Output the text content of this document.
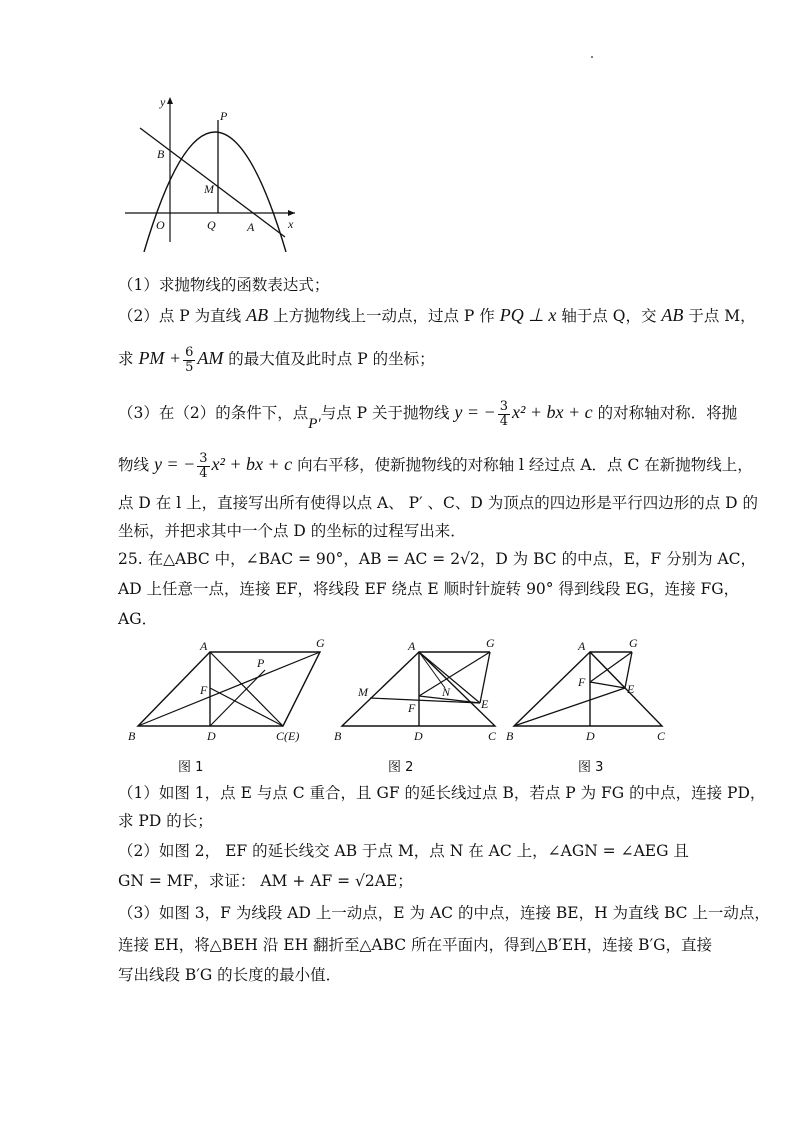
y
x
O	Q	A
B
M
P
（1）求抛物线的函数表达式；
（2）点 P 为直线 AB 上方抛物线上一动点，过点 P 作 PQ ⊥ x 轴于点 Q，交 AB 于点 M，
求 PM + $\frac{6}{5}$ AM 的最大值及此时点 P 的坐标；
（3）在（2）的条件下，点P′与点 P 关于抛物线 y = − $\frac{3}{4} x^2$ + bx + c 的对称轴对称．将抛
物线 y = − $\frac{3}{4} x^2$ + bx + c 向右平移，使新抛物线的对称轴 l 经过点 A．点 C 在新抛物线上，
点 D 在 l 上，直接写出所有使得以点 A、 P′ 、C、D 为顶点的四边形是平行四边形的点 D 的
坐标，并把求其中一个点 D 的坐标的过程写出来．
25. 在△ABC 中，∠BAC = 90°，AB = AC = 2√2，D 为 BC 的中点，E，F 分别为 AC，
AD 上任意一点，连接 EF，将线段 EF 绕点 E 顺时针旋转 90° 得到线段 EG，连接 FG，
AG．
A	G
P
F
B	D	C(E)
A	G
M	N
F	E
B	D	C
A	G
F	E
B	D	C
图 1	图 2	图 3
（1）如图 1，点 E 与点 C 重合，且 GF 的延长线过点 B，若点 P 为 FG 的中点，连接 PD，
求 PD 的长；
（2）如图 2， EF 的延长线交 AB 于点 M，点 N 在 AC 上，∠AGN = ∠AEG 且
GN = MF，求证： AM + AF = √2AE；
（3）如图 3，F 为线段 AD 上一动点，E 为 AC 的中点，连接 BE，H 为直线 BC 上一动点，
连接 EH，将△BEH 沿 EH 翻折至△ABC 所在平面内，得到△B′EH，连接 B′G，直接
写出线段 B′G 的长度的最小值．
